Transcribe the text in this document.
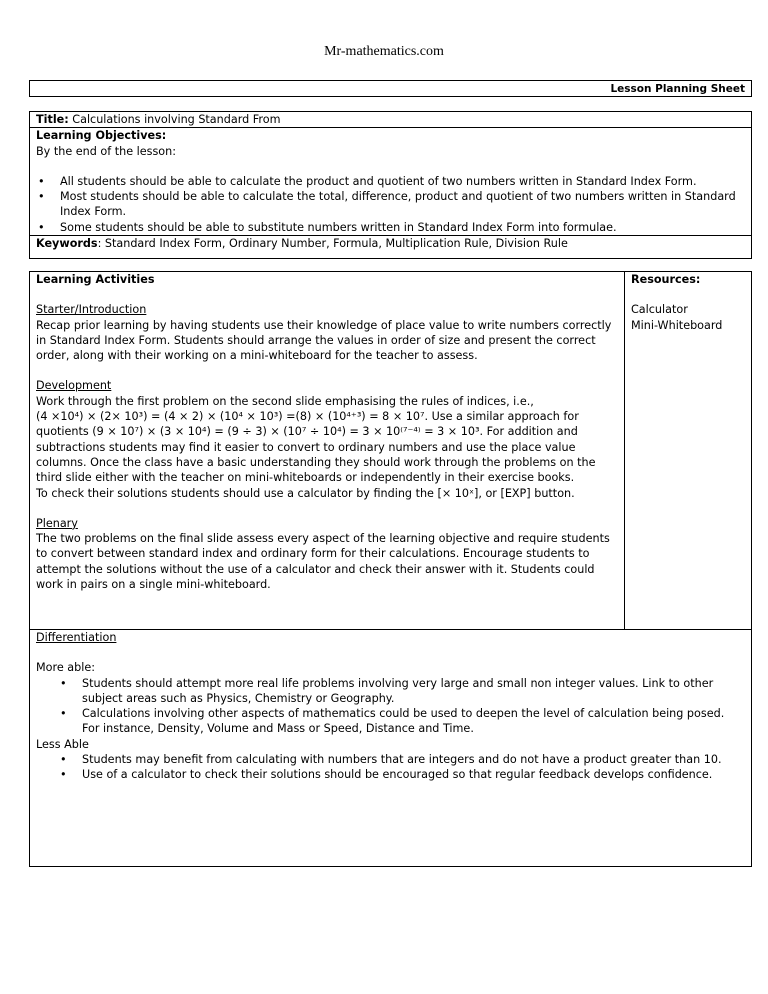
Mr-mathematics.com
Lesson Planning Sheet
Title: Calculations involving Standard From
Learning Objectives:
By the end of the lesson:
• All students should be able to calculate the product and quotient of two numbers written in Standard Index Form.
• Most students should be able to calculate the total, difference, product and quotient of two numbers written in Standard Index Form.
• Some students should be able to substitute numbers written in Standard Index Form into formulae.
Keywords: Standard Index Form, Ordinary Number, Formula, Multiplication Rule, Division Rule
Learning Activities
Starter/Introduction

Recap prior learning by having students use their knowledge of place value to write numbers correctly in Standard Index Form. Students should arrange the values in order of size and present the correct order, along with their working on a mini-whiteboard for the teacher to assess.

Development

Work through the first problem on the second slide emphasising the rules of indices, i.e.,

(4 ×10⁴) × (2× 10³) = (4 × 2) × (10⁴ × 10³) =(8) × (10⁴⁺³) = 8 × 10⁷. Use a similar approach for

quotients (9 × 10⁷) × (3 × 10⁴) = (9 ÷ 3) × (10⁷ ÷ 10⁴) = 3 × 10⁽⁷⁻⁴⁾ = 3 × 10³. For addition and

subtractions students may find it easier to convert to ordinary numbers and use the place value columns. Once the class have a basic understanding they should work through the problems on the third slide either with the teacher on mini-whiteboards or independently in their exercise books.

To check their solutions students should use a calculator by finding the [× 10ˣ], or [EXP] button.

Plenary

The two problems on the final slide assess every aspect of the learning objective and require students to convert between standard index and ordinary form for their calculations. Encourage students to attempt the solutions without the use of a calculator and check their answer with it. Students could work in pairs on a single mini-whiteboard.

Resources:
Calculator
Mini-Whiteboard
Differentiation
More able:
• Students should attempt more real life problems involving very large and small non integer values. Link to other subject areas such as Physics, Chemistry or Geography.
• Calculations involving other aspects of mathematics could be used to deepen the level of calculation being posed. For instance, Density, Volume and Mass or Speed, Distance and Time.
Less Able
• Students may benefit from calculating with numbers that are integers and do not have a product greater than 10.
• Use of a calculator to check their solutions should be encouraged so that regular feedback develops confidence.
